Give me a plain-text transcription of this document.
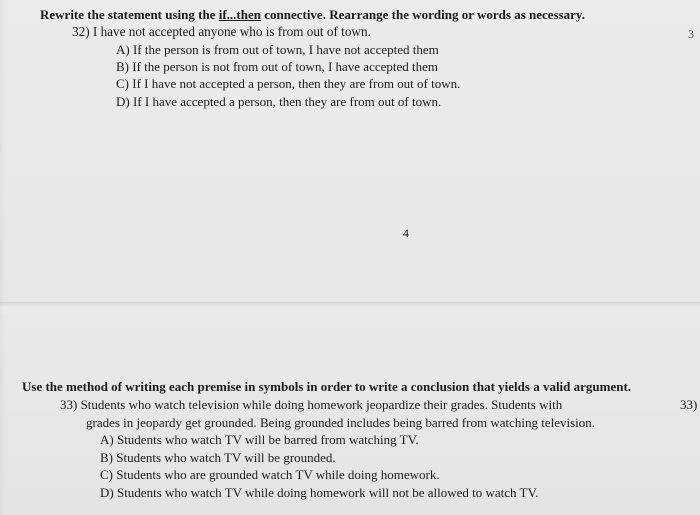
Rewrite the statement using the if...then connective. Rearrange the wording or words as necessary.
32) I have not accepted anyone who is from out of town.
A) If the person is from out of town, I have not accepted them
B) If the person is not from out of town, I have accepted them
C) If I have not accepted a person, then they are from out of town.
D) If I have accepted a person, then they are from out of town.
3
4
Use the method of writing each premise in symbols in order to write a conclusion that yields a valid argument.
33) Students who watch television while doing homework jeopardize their grades. Students with	33)
grades in jeopardy get grounded. Being grounded includes being barred from watching television.
A) Students who watch TV will be barred from watching TV.
B) Students who watch TV will be grounded.
C) Students who are grounded watch TV while doing homework.
D) Students who watch TV while doing homework will not be allowed to watch TV.
